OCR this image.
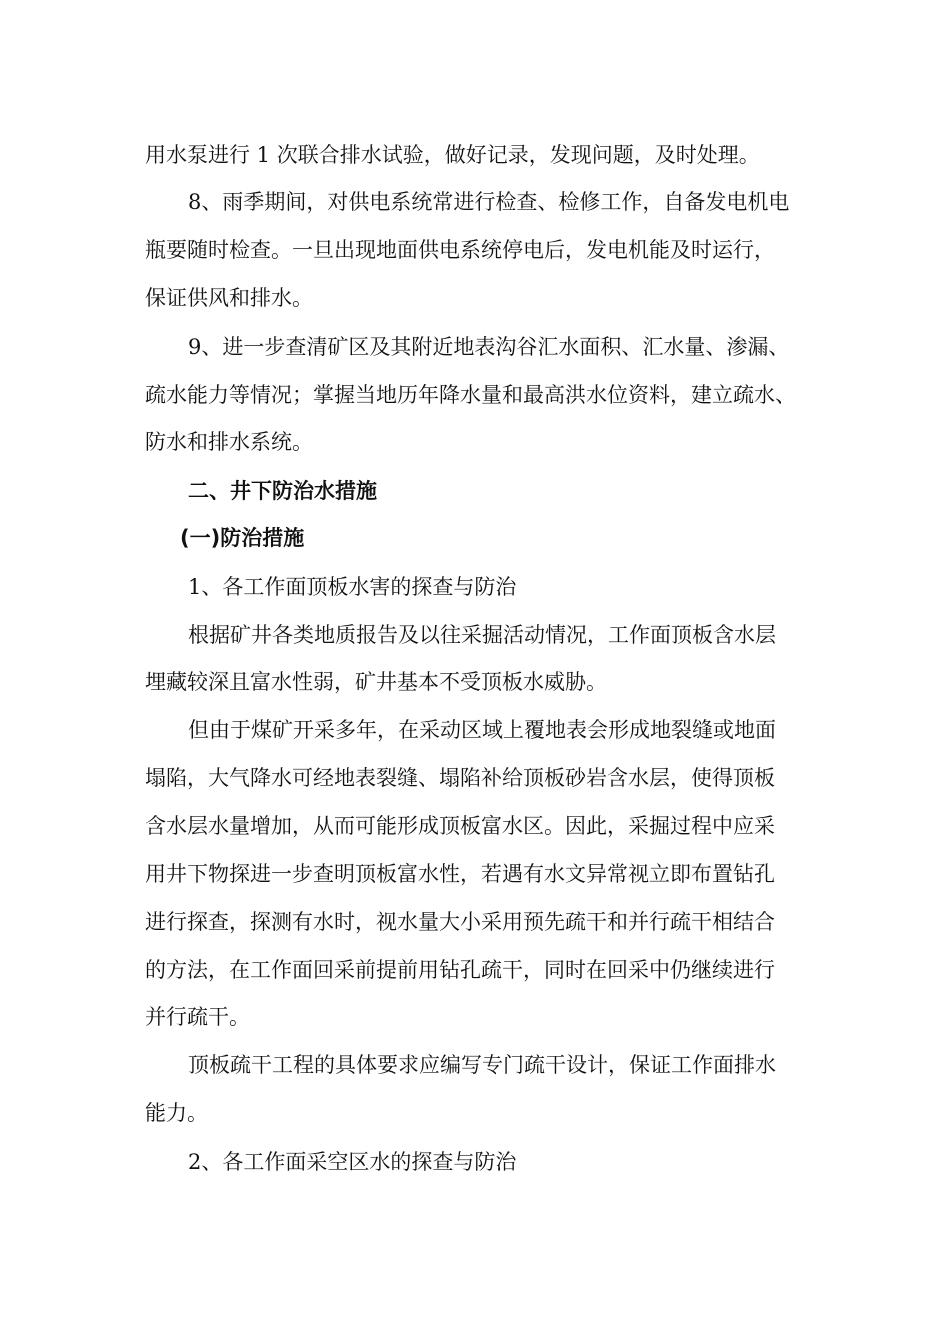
用水泵进行 1 次联合排水试验，做好记录，发现问题，及时处理。
8、雨季期间，对供电系统常进行检查、检修工作，自备发电机电
瓶要随时检查。一旦出现地面供电系统停电后，发电机能及时运行，
保证供风和排水。
9、进一步查清矿区及其附近地表沟谷汇水面积、汇水量、渗漏、
疏水能力等情况；掌握当地历年降水量和最高洪水位资料，建立疏水、
防水和排水系统。
二、井下防治水措施
(一)防治措施
1、各工作面顶板水害的探查与防治
根据矿井各类地质报告及以往采掘活动情况，工作面顶板含水层
埋藏较深且富水性弱，矿井基本不受顶板水威胁。
但由于煤矿开采多年，在采动区域上覆地表会形成地裂缝或地面
塌陷，大气降水可经地表裂缝、塌陷补给顶板砂岩含水层，使得顶板
含水层水量增加，从而可能形成顶板富水区。因此，采掘过程中应采
用井下物探进一步查明顶板富水性，若遇有水文异常视立即布置钻孔
进行探查，探测有水时，视水量大小采用预先疏干和并行疏干相结合
的方法，在工作面回采前提前用钻孔疏干，同时在回采中仍继续进行
并行疏干。
顶板疏干工程的具体要求应编写专门疏干设计，保证工作面排水
能力。
2、各工作面采空区水的探查与防治
